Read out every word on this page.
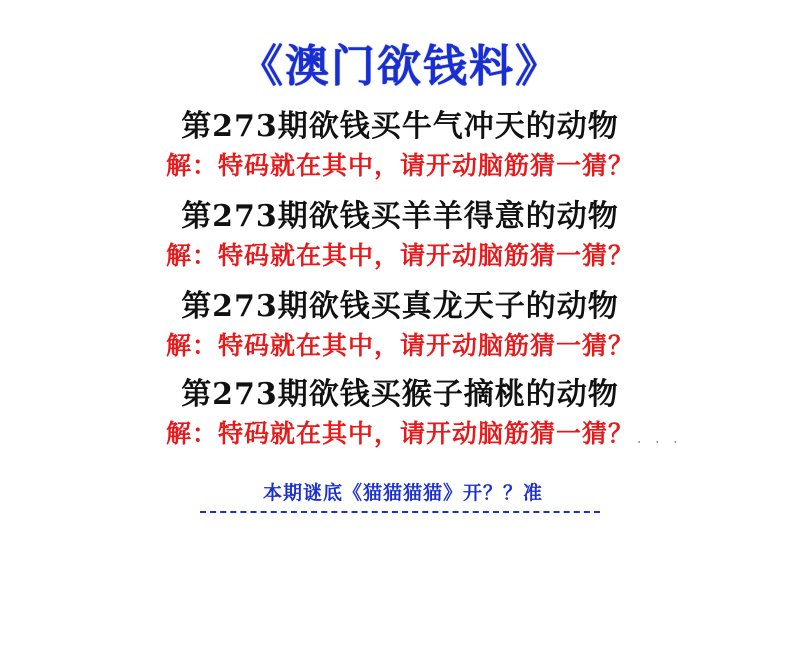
《澳门欲钱料》
第273期欲钱买牛气冲天的动物
解：特码就在其中，请开动脑筋猜一猜？
第273期欲钱买羊羊得意的动物
解：特码就在其中，请开动脑筋猜一猜？
第273期欲钱买真龙天子的动物
解：特码就在其中，请开动脑筋猜一猜？
. . .
第273期欲钱买猴子摘桃的动物
解：特码就在其中，请开动脑筋猜一猜？
本期谜底《猫猫猫猫》开？？准
